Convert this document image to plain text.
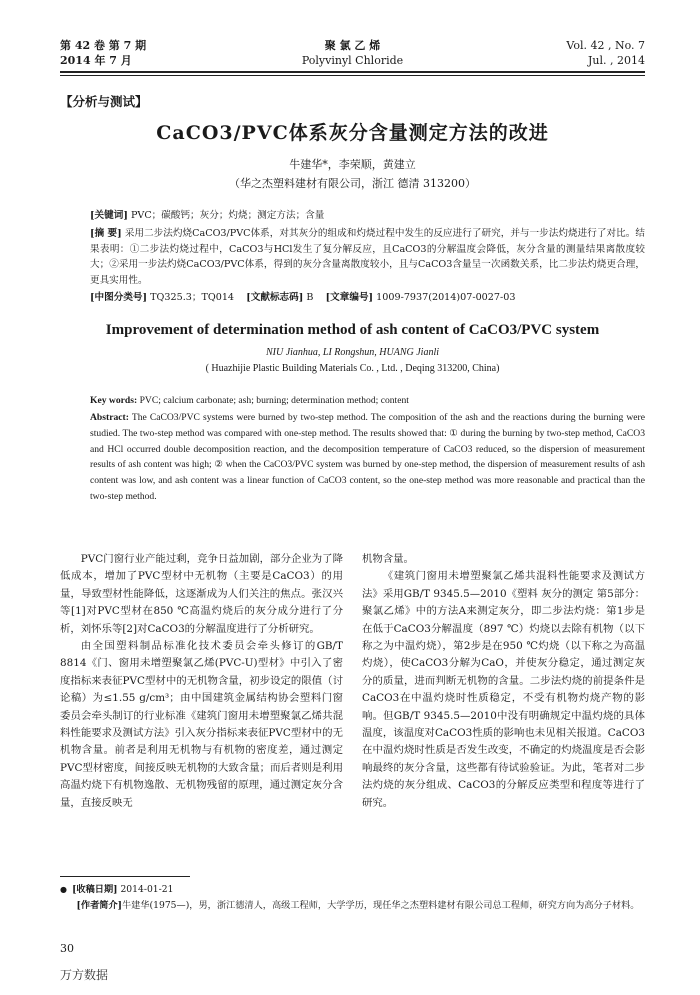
第 42 卷 第 7 期
2014 年 7 月
聚 氯 乙 烯
Polyvinyl Chloride
Vol. 42 , No. 7
Jul. , 2014
【分析与测试】
CaCO3/PVC体系灰分含量测定方法的改进
牛建华*，李荣顺，黄建立
（华之杰塑料建材有限公司，浙江 德清 313200）
[关键词] PVC；碳酸钙；灰分；灼烧；测定方法；含量
[摘 要] 采用二步法灼烧CaCO3/PVC体系，对其灰分的组成和灼烧过程中发生的反应进行了研究，并与一步法灼烧进行了对比。结果表明：①二步法灼烧过程中，CaCO3与HCl发生了复分解反应，且CaCO3的分解温度会降低，灰分含量的测量结果离散度较大；②采用一步法灼烧CaCO3/PVC体系，得到的灰分含量离散度较小，且与CaCO3含量呈一次函数关系，比二步法灼烧更合理，更具实用性。
[中图分类号] TQ325.3；TQ014 [文献标志码] B [文章编号] 1009-7937(2014)07-0027-03
Improvement of determination method of ash content of CaCO3/PVC system
NIU Jianhua, LI Rongshun, HUANG Jianli
( Huazhijie Plastic Building Materials Co. , Ltd. , Deqing 313200, China)
Key words: PVC; calcium carbonate; ash; burning; determination method; content
Abstract: The CaCO3/PVC systems were burned by two-step method. The composition of the ash and the reactions during the burning were studied. The two-step method was compared with one-step method. The results showed that: ① during the burning by two-step method, CaCO3 and HCl occurred double decomposition reaction, and the decomposition temperature of CaCO3 reduced, so the dispersion of measurement results of ash content was high; ② when the CaCO3/PVC system was burned by one-step method, the dispersion of measurement results of ash content was low, and ash content was a linear function of CaCO3 content, so the one-step method was more reasonable and practical than the two-step method.

PVC门窗行业产能过剩，竞争日益加剧，部分企业为了降低成本，增加了PVC型材中无机物（主要是CaCO3）的用量，导致型材性能降低，这逐渐成为人们关注的焦点。张汉兴等[1]对PVC型材在850 ℃高温灼烧后的灰分成分进行了分析，刘怀乐等[2]对CaCO3的分解温度进行了分析研究。

由全国塑料制品标准化技术委员会牵头修订的GB/T 8814《门、窗用未增塑聚氯乙烯(PVC-U)型材》中引入了密度指标来表征PVC型材中的无机物含量，初步设定的限值（讨论稿）为≤1.55 g/cm³；由中国建筑金属结构协会塑料门窗委员会牵头制订的行业标准《建筑门窗用未增塑聚氯乙烯共混料性能要求及测试方法》引入灰分指标来表征PVC型材中的无机物含量。前者是利用无机物与有机物的密度差，通过测定PVC型材密度，间接反映无机物的大致含量；而后者则是利用高温灼烧下有机物逸散、无机物残留的原理，通过测定灰分含量，直接反映无

机物含量。

《建筑门窗用未增塑聚氯乙烯共混料性能要求及测试方法》采用GB/T 9345.5—2010《塑料 灰分的测定 第5部分：聚氯乙烯》中的方法A来测定灰分，即二步法灼烧：第1步是在低于CaCO3分解温度（897 ℃）灼烧以去除有机物（以下称之为中温灼烧），第2步是在950 ℃灼烧（以下称之为高温灼烧），使CaCO3分解为CaO，并使灰分稳定，通过测定灰分的质量，进而判断无机物的含量。二步法灼烧的前提条件是CaCO3在中温灼烧时性质稳定，不受有机物灼烧产物的影响。但GB/T 9345.5—2010中没有明确规定中温灼烧的具体温度，该温度对CaCO3性质的影响也未见相关报道。CaCO3在中温灼烧时性质是否发生改变，不确定的灼烧温度是否会影响最终的灰分含量，这些都有待试验验证。为此，笔者对二步法灼烧的灰分组成、CaCO3的分解反应类型和程度等进行了研究。

●  [收稿日期] 2014-01-21
[作者简介]牛建华(1975—)，男，浙江德清人，高级工程师，大学学历，现任华之杰塑料建材有限公司总工程师，研究方向为高分子材料。
30
万方数据
